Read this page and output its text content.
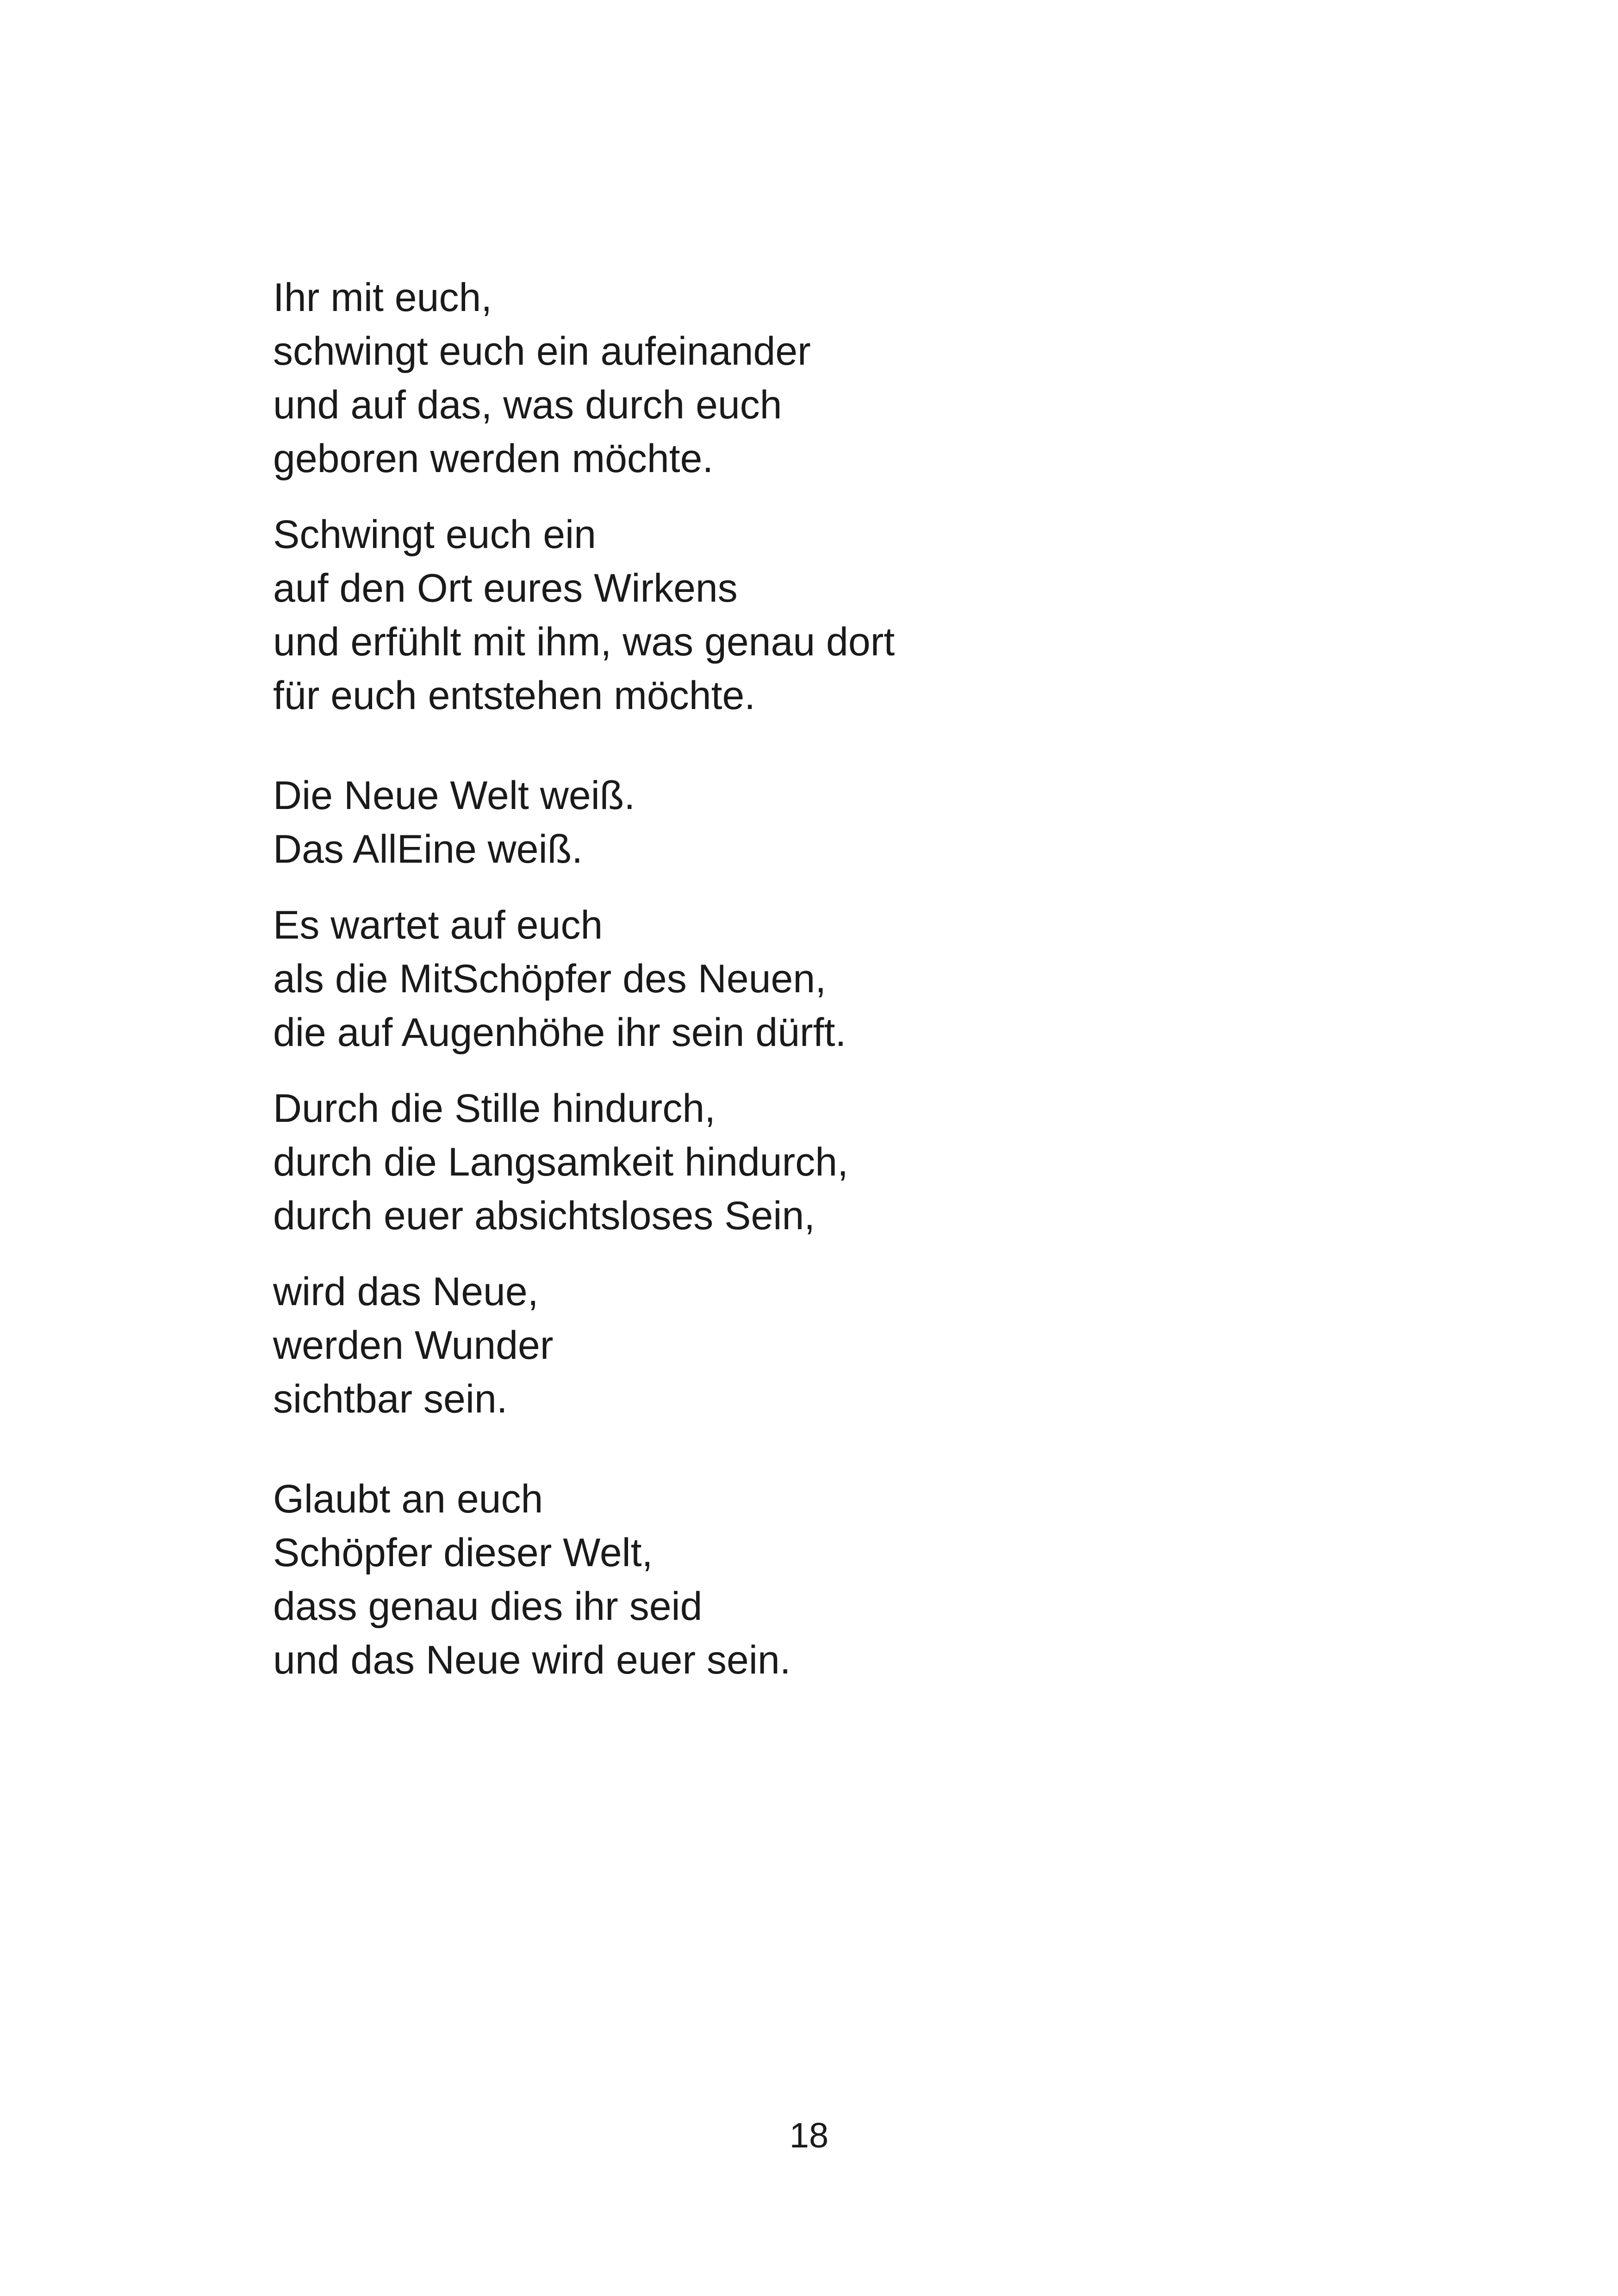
Ihr mit euch,
schwingt euch ein aufeinander
und auf das, was durch euch
geboren werden möchte.
Schwingt euch ein
auf den Ort eures Wirkens
und erfühlt mit ihm, was genau dort
für euch entstehen möchte.
Die Neue Welt weiß.
Das AllEine weiß.
Es wartet auf euch
als die MitSchöpfer des Neuen,
die auf Augenhöhe ihr sein dürft.
Durch die Stille hindurch,
durch die Langsamkeit hindurch,
durch euer absichtsloses Sein,
wird das Neue,
werden Wunder
sichtbar sein.
Glaubt an euch
Schöpfer dieser Welt,
dass genau dies ihr seid
und das Neue wird euer sein.
18
